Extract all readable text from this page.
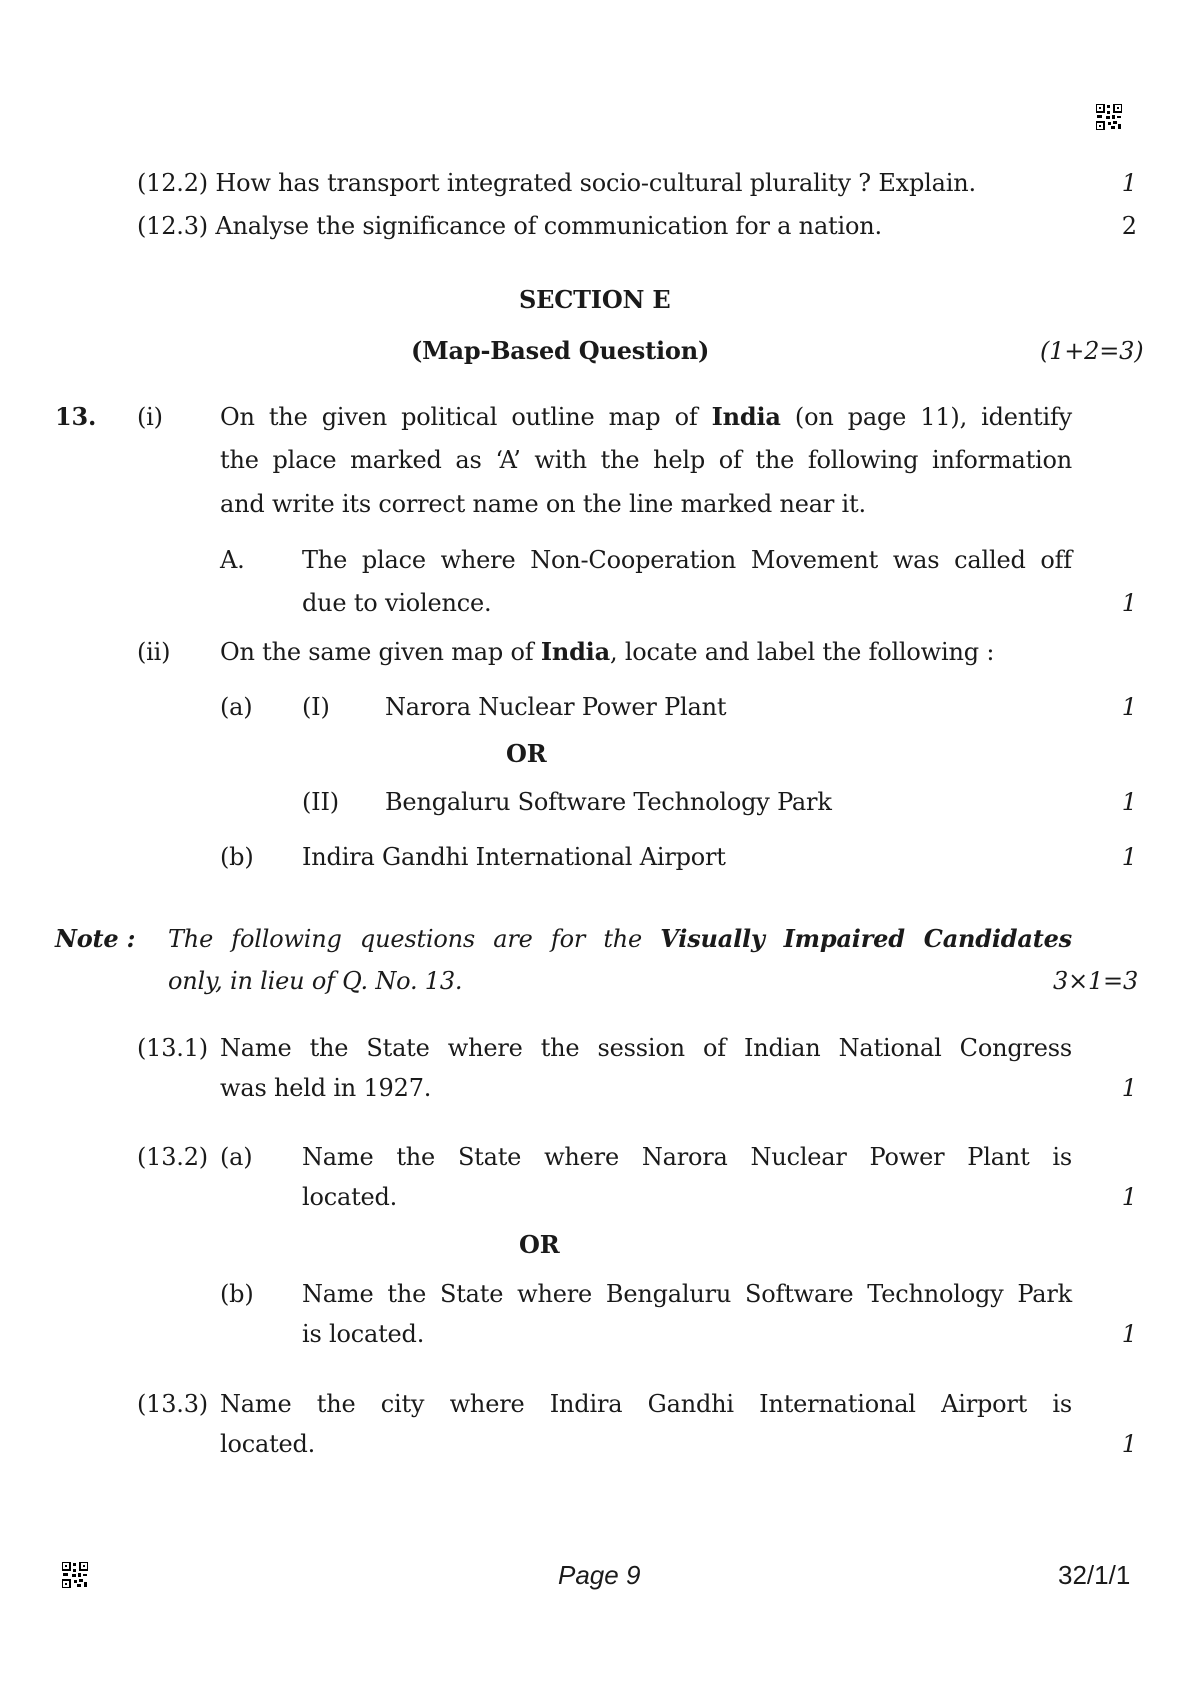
(12.2) How has transport integrated socio-cultural plurality ? Explain.	1
(12.3) Analyse the significance of communication for a nation.	2
SECTION E
(Map-Based Question)	(1+2=3)
13. (i) On the given political outline map of India (on page 11), identify
the place marked as ‘A’ with the help of the following information
and write its correct name on the line marked near it.
A. The place where Non-Cooperation Movement was called off
due to violence.	1
(ii) On the same given map of India, locate and label the following :
(a) (I) Narora Nuclear Power Plant	1
OR
(II) Bengaluru Software Technology Park	1
(b) Indira Gandhi International Airport	1
Note : The following questions are for the Visually Impaired Candidates
only, in lieu of Q. No. 13.	3×1=3
(13.1) Name the State where the session of Indian National Congress
was held in 1927.	1
(13.2) (a) Name the State where Narora Nuclear Power Plant is
located.	1
OR
(b) Name the State where Bengaluru Software Technology Park
is located.	1
(13.3) Name the city where Indira Gandhi International Airport is
located.	1
Page 9	32/1/1
